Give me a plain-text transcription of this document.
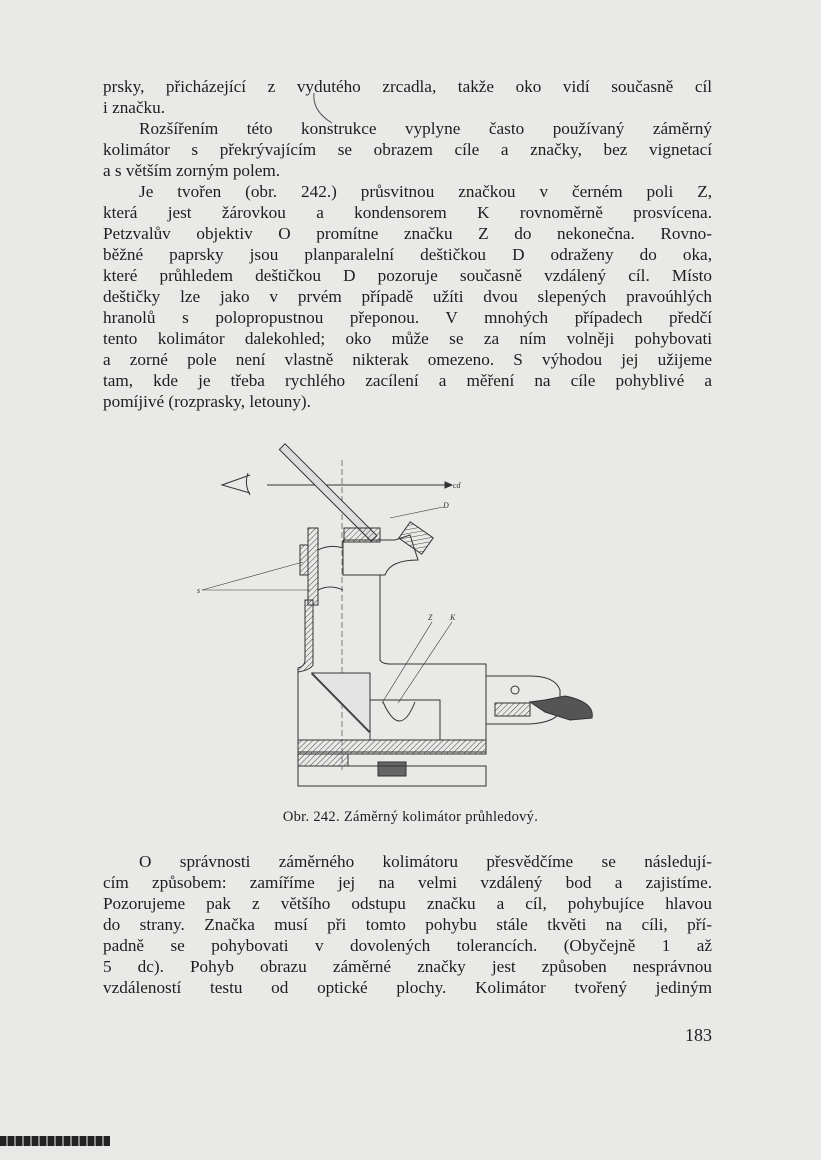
prsky, přicházející z vydutého zrcadla, takže oko vidí současně cíl
i značku.
Rozšířením této konstrukce vyplyne často používaný záměrný
kolimátor s překrývajícím se obrazem cíle a značky, bez vignetací
a s větším zorným polem.
Je tvořen (obr. 242.) průsvitnou značkou v černém poli Z,
která jest žárovkou a kondensorem K rovnoměrně prosvícena.
Petzvalův objektiv O promítne značku Z do nekonečna. Rovno-
běžné paprsky jsou planparalelní deštičkou D odraženy do oka,
které průhledem deštičkou D pozoruje současně vzdálený cíl. Místo
deštičky lze jako v prvém případě užíti dvou slepených pravoúhlých
hranolů s polopropustnou přeponou. V mnohých případech předčí
tento kolimátor dalekohled; oko může se za ním volněji pohybovati
a zorné pole není vlastně nikterak omezeno. S výhodou jej užijeme
tam, kde je třeba rychlého zacílení a měření na cíle pohyblivé a
pomíjivé (rozprasky, letouny).
cd
D
s
Z K
Obr. 242. Záměrný kolimátor průhledový.
O správnosti záměrného kolimátoru přesvědčíme se následují-
cím způsobem: zamíříme jej na velmi vzdálený bod a zajistíme.
Pozorujeme pak z většího odstupu značku a cíl, pohybujíce hlavou
do strany. Značka musí při tomto pohybu stále tkvěti na cíli, pří-
padně se pohybovati v dovolených tolerancích. (Obyčejně 1 až
5 dc). Pohyb obrazu záměrné značky jest způsoben nesprávnou
vzdáleností testu od optické plochy. Kolimátor tvořený jediným
183
